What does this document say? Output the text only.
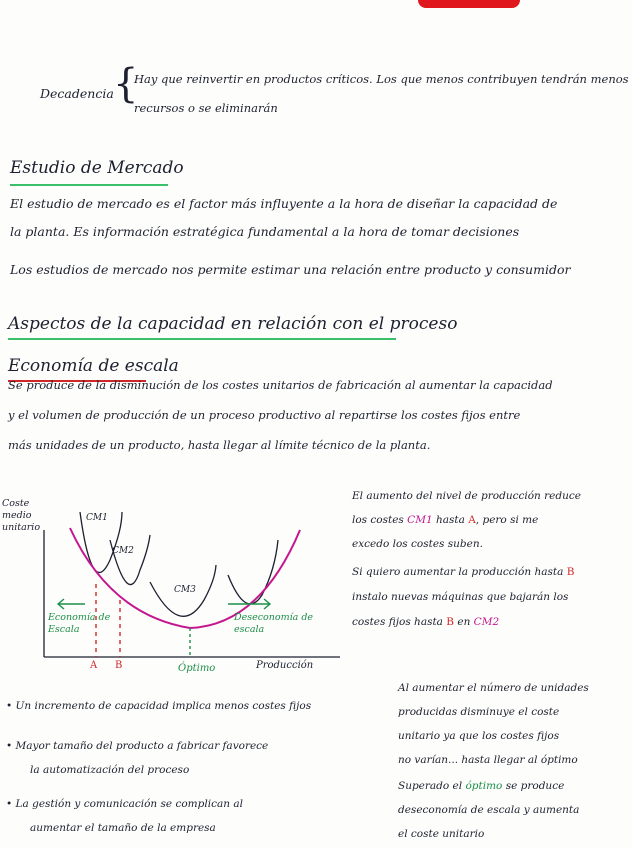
Decadencia {
Hay que reinvertir en productos críticos. Los que menos contribuyen tendrán menos
recursos o se eliminarán
Estudio de Mercado
El estudio de mercado es el factor más influyente a la hora de diseñar la capacidad de
la planta. Es información estratégica fundamental a la hora de tomar decisiones
Los estudios de mercado nos permite estimar una relación entre producto y consumidor
Aspectos de la capacidad en relación con el proceso
Economía de escala
Se produce de la disminución de los costes unitarios de fabricación al aumentar la capacidad
y el volumen de producción de un proceso productivo al repartirse los costes fijos entre
más unidades de un producto, hasta llegar al límite técnico de la planta.
Coste
medio
unitario
CM1
CM2
CM3
Economía de
Escala
Deseconomía de
escala
A B	Óptimo	Producción
El aumento del nivel de producción reduce
los costes CM1 hasta A, pero si me
excedo los costes suben.
Si quiero aumentar la producción hasta B
instalo nuevas máquinas que bajarán los
costes fijos hasta B en CM2
• Un incremento de capacidad implica menos costes fijos
• Mayor tamaño del producto a fabricar favorece
la automatización del proceso
• La gestión y comunicación se complican al
aumentar el tamaño de la empresa
Al aumentar el número de unidades
producidas disminuye el coste
unitario ya que los costes fijos
no varían... hasta llegar al óptimo
Superado el óptimo se produce
deseconomía de escala y aumenta
el coste unitario
